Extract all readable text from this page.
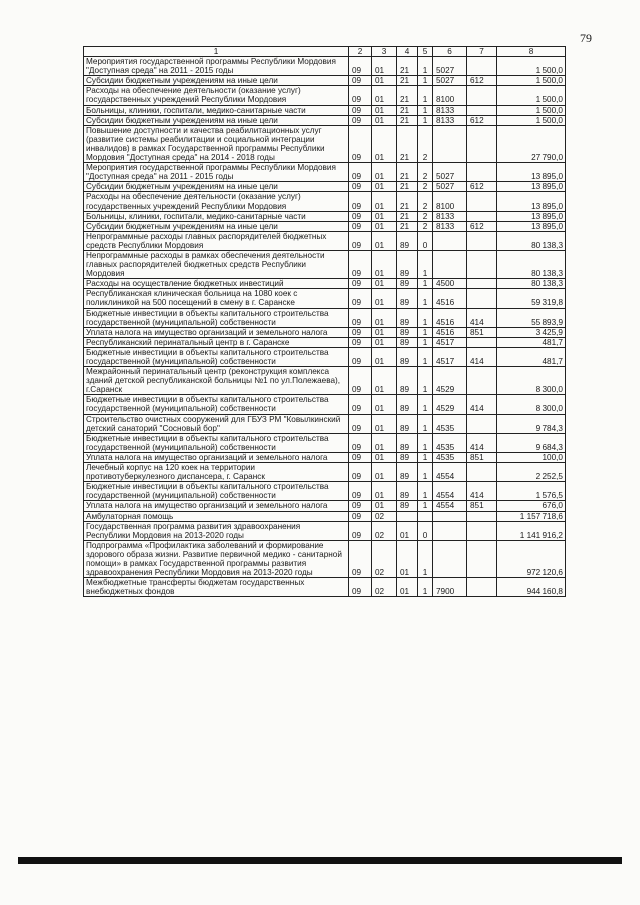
79
1	2	3	4	5	6	7	8
Мероприятия государственной программы Республики Мордовия "Доступная среда" на 2011 - 2015 годы	09	01	21	1	5027		1 500,0
Субсидии бюджетным учреждениям на иные цели	09	01	21	1	5027	612	1 500,0
Расходы на обеспечение деятельности (оказание услуг) государственных учреждений Республики Мордовия	09	01	21	1	8100		1 500,0
Больницы, клиники, госпитали, медико-санитарные части	09	01	21	1	8133		1 500,0
Субсидии бюджетным учреждениям на иные цели	09	01	21	1	8133	612	1 500,0
Повышение доступности и качества реабилитационных услуг (развитие системы реабилитации и социальной интеграции инвалидов) в рамках Государственной программы Республики Мордовия "Доступная среда" на 2014 - 2018 годы	09	01	21	2			27 790,0
Мероприятия государственной программы Республики Мордовия "Доступная среда" на 2011 - 2015 годы	09	01	21	2	5027		13 895,0
Субсидии бюджетным учреждениям на иные цели	09	01	21	2	5027	612	13 895,0
Расходы на обеспечение деятельности (оказание услуг) государственных учреждений Республики Мордовия	09	01	21	2	8100		13 895,0
Больницы, клиники, госпитали, медико-санитарные части	09	01	21	2	8133		13 895,0
Субсидии бюджетным учреждениям на иные цели	09	01	21	2	8133	612	13 895,0
Непрограммные расходы главных распорядителей бюджетных средств Республики Мордовия	09	01	89	0			80 138,3
Непрограммные расходы в рамках обеспечения деятельности главных распорядителей бюджетных средств Республики Мордовия	09	01	89	1			80 138,3
Расходы на осуществление бюджетных инвестиций	09	01	89	1	4500		80 138,3
Республиканская клиническая больница на 1080 коек с поликлиникой на 500 посещений в смену в г. Саранске	09	01	89	1	4516		59 319,8
Бюджетные инвестиции в объекты капитального строительства государственной (муниципальной) собственности	09	01	89	1	4516	414	55 893,9
Уплата налога на имущество организаций и земельного налога	09	01	89	1	4516	851	3 425,9
Республиканский перинатальный центр в г. Саранске	09	01	89	1	4517		481,7
Бюджетные инвестиции в объекты капитального строительства государственной (муниципальной) собственности	09	01	89	1	4517	414	481,7
Межрайонный перинатальный центр (реконструкция комплекса зданий детской республиканской больницы №1 по ул.Полежаева), г.Саранск	09	01	89	1	4529		8 300,0
Бюджетные инвестиции в объекты капитального строительства государственной (муниципальной) собственности	09	01	89	1	4529	414	8 300,0
Строительство очистных сооружений для ГБУЗ РМ "Ковылкинский детский санаторий "Сосновый бор"	09	01	89	1	4535		9 784,3
Бюджетные инвестиции в объекты капитального строительства государственной (муниципальной) собственности	09	01	89	1	4535	414	9 684,3
Уплата налога на имущество организаций и земельного налога	09	01	89	1	4535	851	100,0
Лечебный корпус на 120 коек на территории противотуберкулезного диспансера, г. Саранск	09	01	89	1	4554		2 252,5
Бюджетные инвестиции в объекты капитального строительства государственной (муниципальной) собственности	09	01	89	1	4554	414	1 576,5
Уплата налога на имущество организаций и земельного налога	09	01	89	1	4554	851	676,0
Амбулаторная помощь	09	02					1 157 718,6
Государственная программа развития здравоохранения Республики Мордовия на 2013-2020 годы	09	02	01	0			1 141 916,2
Подпрограмма «Профилактика заболеваний и формирование здорового образа жизни. Развитие первичной медико - санитарной помощи» в рамках Государственной программы развития здравоохранения Республики Мордовия на 2013-2020 годы	09	02	01	1			972 120,6
Межбюджетные трансферты бюджетам государственных внебюджетных фондов	09	02	01	1	7900		944 160,8
